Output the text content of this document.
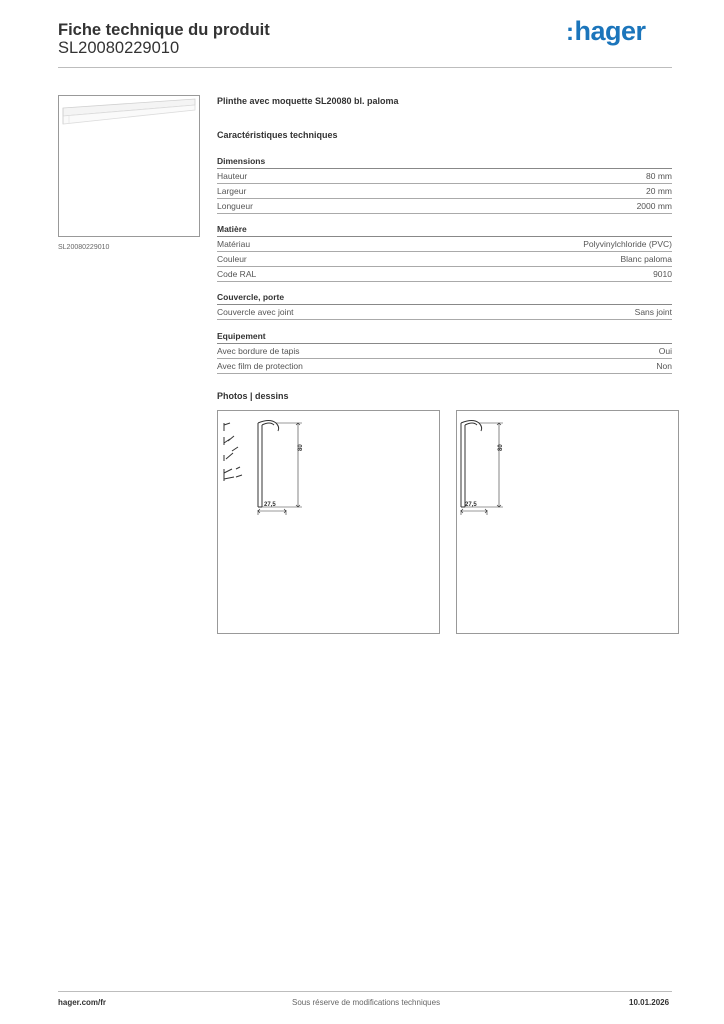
Fiche technique du produit
SL20080229010
:hager
SL20080229010
Plinthe avec moquette SL20080 bl. paloma
Caractéristiques techniques
Dimensions
Hauteur	80 mm
Largeur	20 mm
Longueur	2000 mm
Matière
Matériau	Polyvinylchloride (PVC)
Couleur	Blanc paloma
Code RAL	9010
Couvercle, porte
Couvercle avec joint	Sans joint
Equipement
Avec bordure de tapis	Oui
Avec film de protection	Non
Photos | dessins
80
27,5
80
27,5
hager.com/fr	Sous réserve de modifications techniques	10.01.2026
